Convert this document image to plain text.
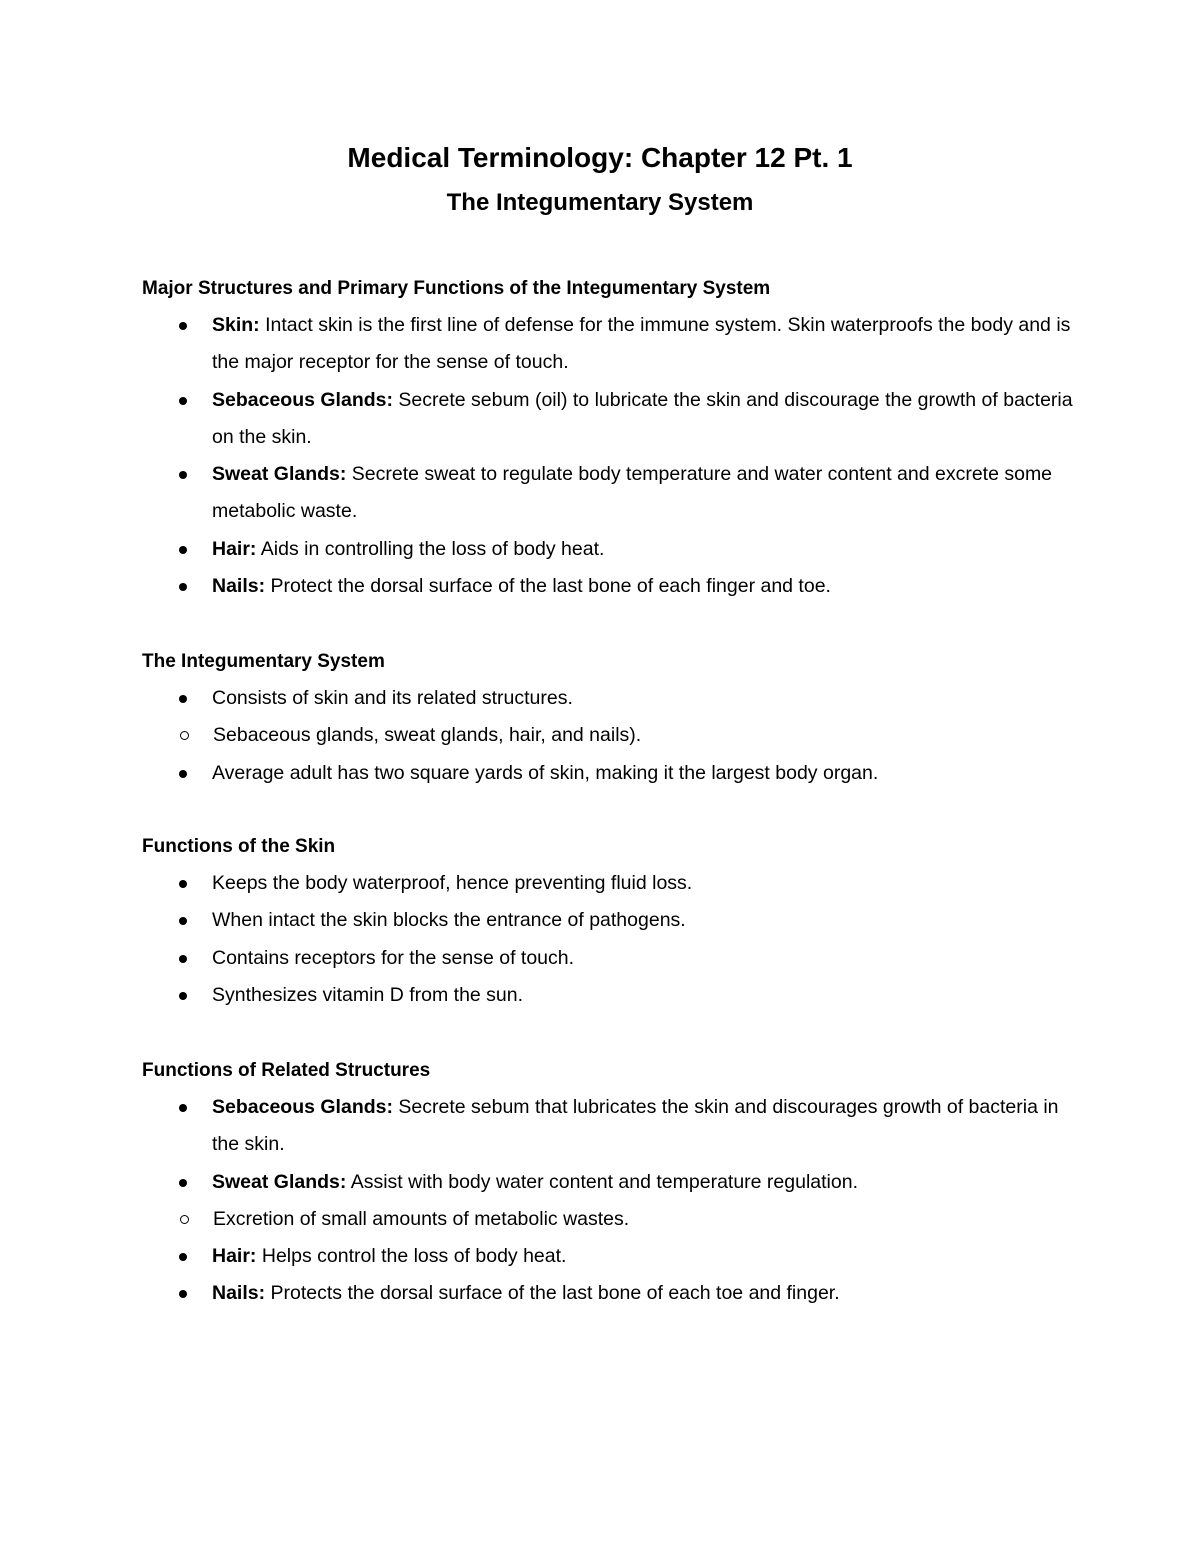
Medical Terminology: Chapter 12 Pt. 1
The Integumentary System
Major Structures and Primary Functions of the Integumentary System
Skin: Intact skin is the first line of defense for the immune system. Skin waterproofs the body and is the major receptor for the sense of touch.
Sebaceous Glands: Secrete sebum (oil) to lubricate the skin and discourage the growth of bacteria on the skin.
Sweat Glands: Secrete sweat to regulate body temperature and water content and excrete some metabolic waste.
Hair: Aids in controlling the loss of body heat.
Nails: Protect the dorsal surface of the last bone of each finger and toe.
The Integumentary System
Consists of skin and its related structures.
Sebaceous glands, sweat glands, hair, and nails).
Average adult has two square yards of skin, making it the largest body organ.
Functions of the Skin
Keeps the body waterproof, hence preventing fluid loss.
When intact the skin blocks the entrance of pathogens.
Contains receptors for the sense of touch.
Synthesizes vitamin D from the sun.
Functions of Related Structures
Sebaceous Glands: Secrete sebum that lubricates the skin and discourages growth of bacteria in the skin.
Sweat Glands: Assist with body water content and temperature regulation.
Excretion of small amounts of metabolic wastes.
Hair: Helps control the loss of body heat.
Nails: Protects the dorsal surface of the last bone of each toe and finger.
